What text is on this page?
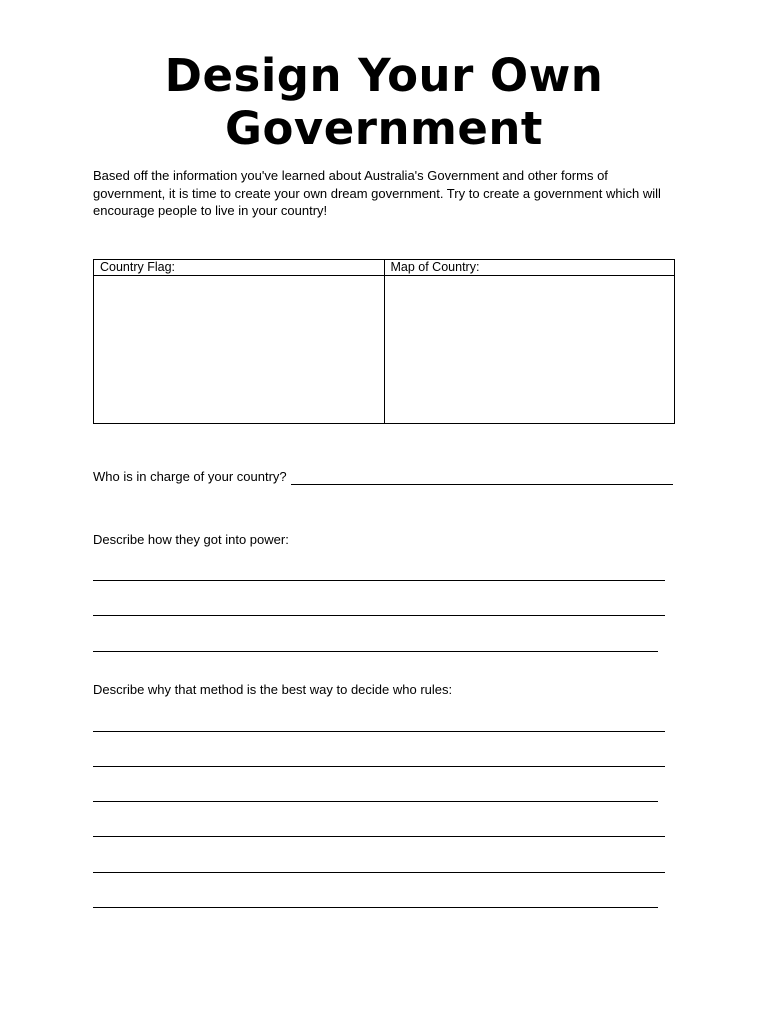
Design Your Own Government

Based off the information you've learned about Australia's Government and other forms of government, it is time to create your own dream government. Try to create a government which will encourage people to live in your country!

Country Flag:	Map of Country:

Who is in charge of your country?

Describe how they got into power:

Describe why that method is the best way to decide who rules:
